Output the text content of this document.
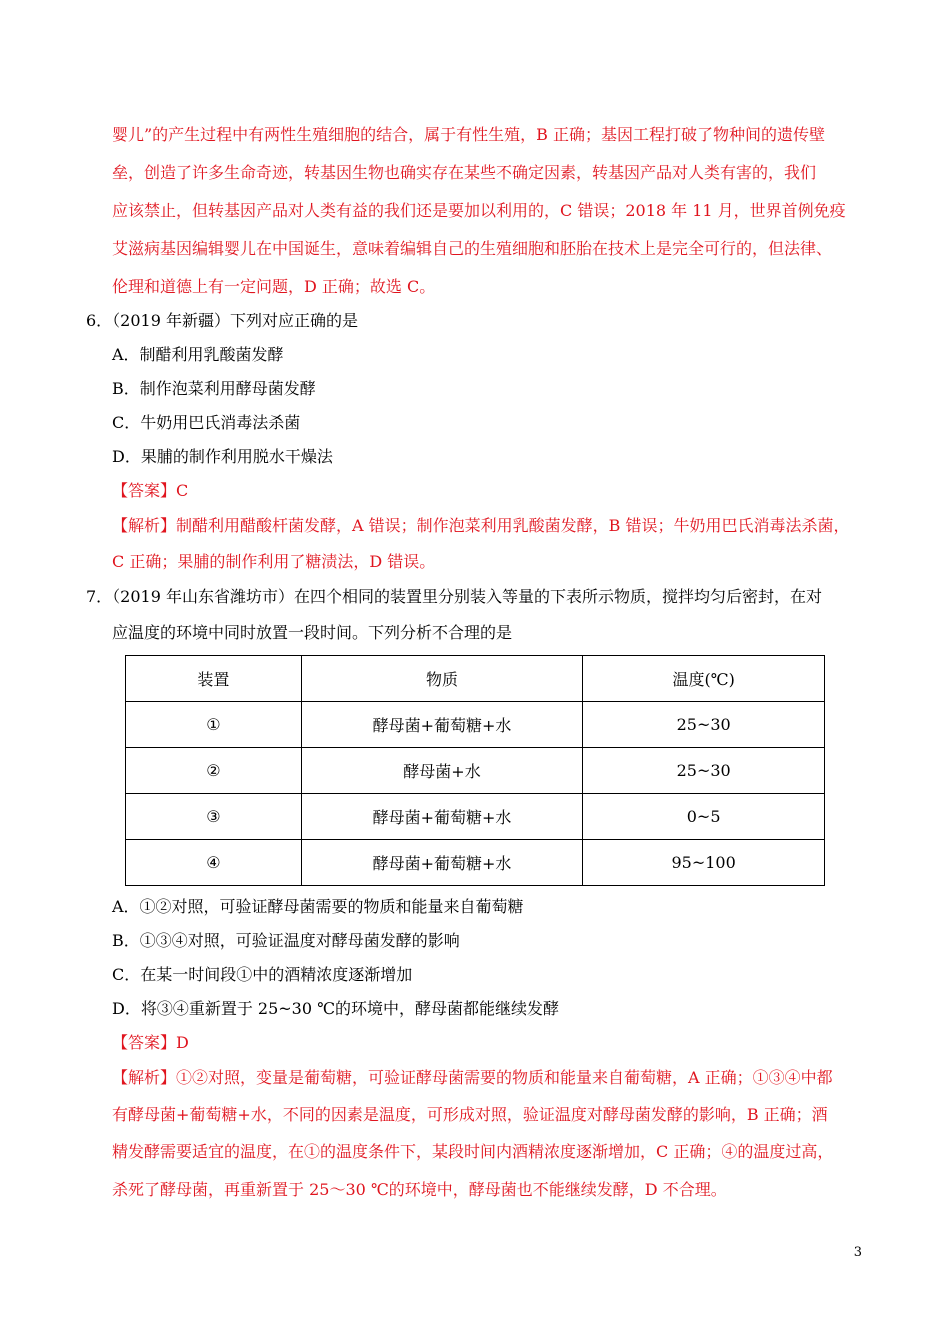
婴儿”的产生过程中有两性生殖细胞的结合，属于有性生殖，B 正确；基因工程打破了物种间的遗传壁
垒，创造了许多生命奇迹，转基因生物也确实存在某些不确定因素，转基因产品对人类有害的，我们
应该禁止，但转基因产品对人类有益的我们还是要加以利用的，C 错误；2018 年 11 月，世界首例免疫
艾滋病基因编辑婴儿在中国诞生，意味着编辑自己的生殖细胞和胚胎在技术上是完全可行的，但法律、
伦理和道德上有一定问题，D 正确；故选 C。
6．（2019 年新疆）下列对应正确的是
A．制醋利用乳酸菌发酵
B．制作泡菜利用酵母菌发酵
C．牛奶用巴氏消毒法杀菌
D．果脯的制作利用脱水干燥法
【答案】C
【解析】制醋利用醋酸杆菌发酵，A 错误；制作泡菜利用乳酸菌发酵，B 错误；牛奶用巴氏消毒法杀菌，
C 正确；果脯的制作利用了糖渍法，D 错误。
7．（2019 年山东省潍坊市）在四个相同的装置里分别装入等量的下表所示物质，搅拌均匀后密封，在对
应温度的环境中同时放置一段时间。下列分析不合理的是
装置	物质	温度(℃)
①	酵母菌+葡萄糖+水	25~30
②	酵母菌+水	25~30
③	酵母菌+葡萄糖+水	0~5
④	酵母菌+葡萄糖+水	95~100
A．①②对照，可验证酵母菌需要的物质和能量来自葡萄糖
B．①③④对照，可验证温度对酵母菌发酵的影响
C．在某一时间段①中的酒精浓度逐渐增加
D．将③④重新置于 25~30 ℃的环境中，酵母菌都能继续发酵
【答案】D
【解析】①②对照，变量是葡萄糖，可验证酵母菌需要的物质和能量来自葡萄糖，A 正确；①③④中都
有酵母菌+葡萄糖+水，不同的因素是温度，可形成对照，验证温度对酵母菌发酵的影响，B 正确；酒
精发酵需要适宜的温度，在①的温度条件下，某段时间内酒精浓度逐渐增加，C 正确；④的温度过高，
杀死了酵母菌，再重新置于 25～30 ℃的环境中，酵母菌也不能继续发酵，D 不合理。
3
